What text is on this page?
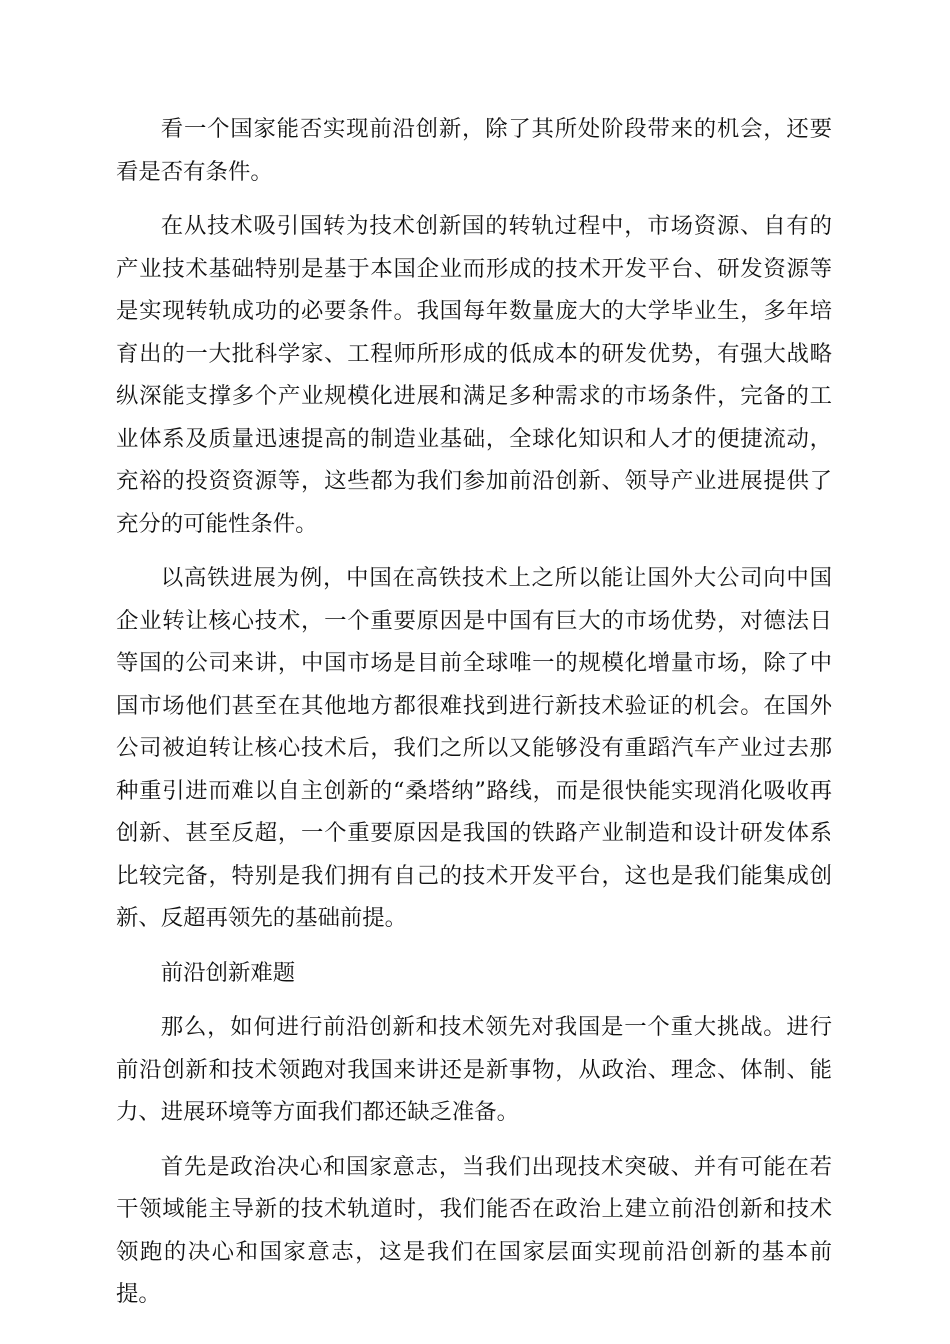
看一个国家能否实现前沿创新，除了其所处阶段带来的机会，还要看是否有条件。

在从技术吸引国转为技术创新国的转轨过程中，市场资源、自有的产业技术基础特别是基于本国企业而形成的技术开发平台、研发资源等是实现转轨成功的必要条件。我国每年数量庞大的大学毕业生，多年培育出的一大批科学家、工程师所形成的低成本的研发优势，有强大战略纵深能支撑多个产业规模化进展和满足多种需求的市场条件，完备的工业体系及质量迅速提高的制造业基础，全球化知识和人才的便捷流动，充裕的投资资源等，这些都为我们参加前沿创新、领导产业进展提供了充分的可能性条件。

以高铁进展为例，中国在高铁技术上之所以能让国外大公司向中国企业转让核心技术，一个重要原因是中国有巨大的市场优势，对德法日等国的公司来讲，中国市场是目前全球唯一的规模化增量市场，除了中国市场他们甚至在其他地方都很难找到进行新技术验证的机会。在国外公司被迫转让核心技术后，我们之所以又能够没有重蹈汽车产业过去那种重引进而难以自主创新的“桑塔纳”路线，而是很快能实现消化吸收再创新、甚至反超，一个重要原因是我国的铁路产业制造和设计研发体系比较完备，特别是我们拥有自己的技术开发平台，这也是我们能集成创新、反超再领先的基础前提。

前沿创新难题

那么，如何进行前沿创新和技术领先对我国是一个重大挑战。进行前沿创新和技术领跑对我国来讲还是新事物，从政治、理念、体制、能力、进展环境等方面我们都还缺乏准备。

首先是政治决心和国家意志，当我们出现技术突破、并有可能在若干领域能主导新的技术轨道时，我们能否在政治上建立前沿创新和技术领跑的决心和国家意志，这是我们在国家层面实现前沿创新的基本前提。
